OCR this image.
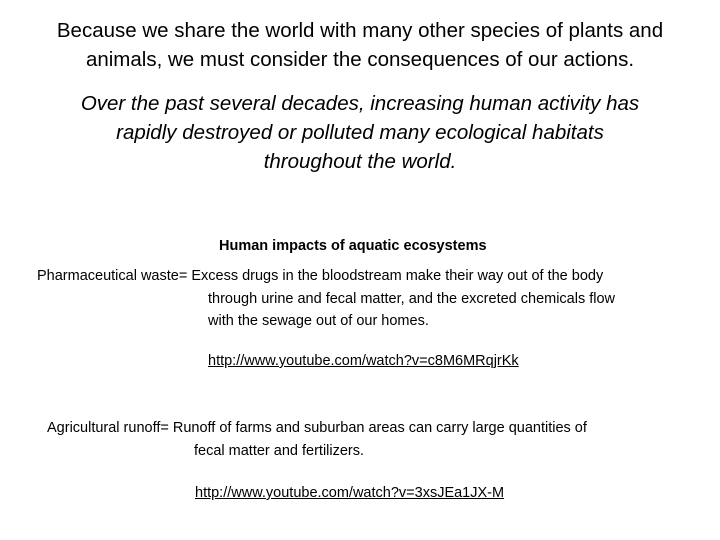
Because we share the world with many other species of plants and
animals, we must consider the consequences of our actions.
Over the past several decades, increasing human activity has
rapidly destroyed or polluted many ecological habitats
throughout the world.
Human impacts of aquatic ecosystems
Pharmaceutical waste= Excess drugs in the bloodstream make their way out of the body
through urine and fecal matter, and the excreted chemicals flow
with the sewage out of our homes.
http://www.youtube.com/watch?v=c8M6MRqjrKk
Agricultural runoff= Runoff of farms and suburban areas can carry large quantities of
fecal matter and fertilizers.
http://www.youtube.com/watch?v=3xsJEa1JX-M
